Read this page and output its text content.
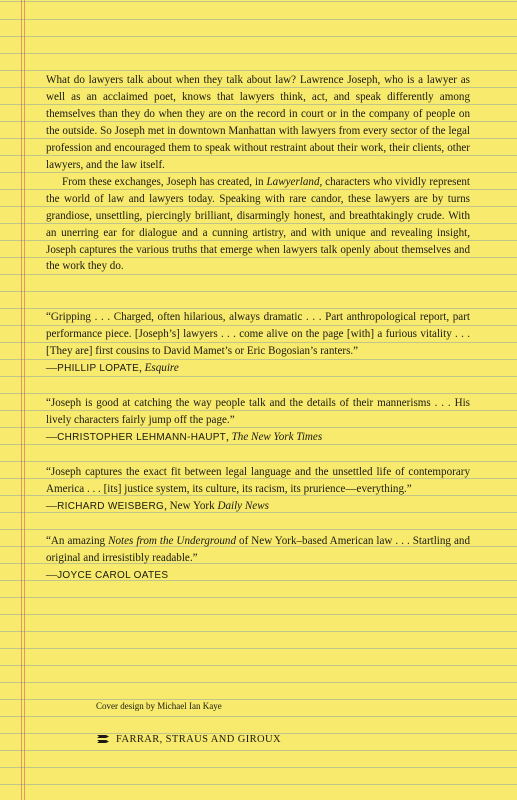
What do lawyers talk about when they talk about law? Lawrence Joseph, who is a lawyer as well as an acclaimed poet, knows that lawyers think, act, and speak differently among themselves than they do when they are on the record in court or in the company of people on the outside. So Joseph met in downtown Manhattan with lawyers from every sector of the legal profession and encouraged them to speak without restraint about their work, their clients, other lawyers, and the law itself.

From these exchanges, Joseph has created, in Lawyerland, characters who vividly represent the world of law and lawyers today. Speaking with rare candor, these lawyers are by turns grandiose, unsettling, piercingly brilliant, disarmingly honest, and breathtakingly crude. With an unerring ear for dialogue and a cunning artistry, and with unique and revealing insight, Joseph captures the various truths that emerge when lawyers talk openly about themselves and the work they do.

“Gripping . . . Charged, often hilarious, always dramatic . . . Part anthropological report, part performance piece. [Joseph’s] lawyers . . . come alive on the page [with] a furious vitality . . . [They are] first cousins to David Mamet’s or Eric Bogosian’s ranters.”
—PHILLIP LOPATE, Esquire
“Joseph is good at catching the way people talk and the details of their mannerisms . . . His lively characters fairly jump off the page.”
—CHRISTOPHER LEHMANN-HAUPT, The New York Times
“Joseph captures the exact fit between legal language and the unsettled life of contemporary America . . . [its] justice system, its culture, its racism, its prurience—everything.”
—RICHARD WEISBERG, New York Daily News
“An amazing Notes from the Underground of New York–based American law . . . Startling and original and irresistibly readable.”
—JOYCE CAROL OATES
Cover design by Michael Ian Kaye
FARRAR, STRAUS AND GIROUX
